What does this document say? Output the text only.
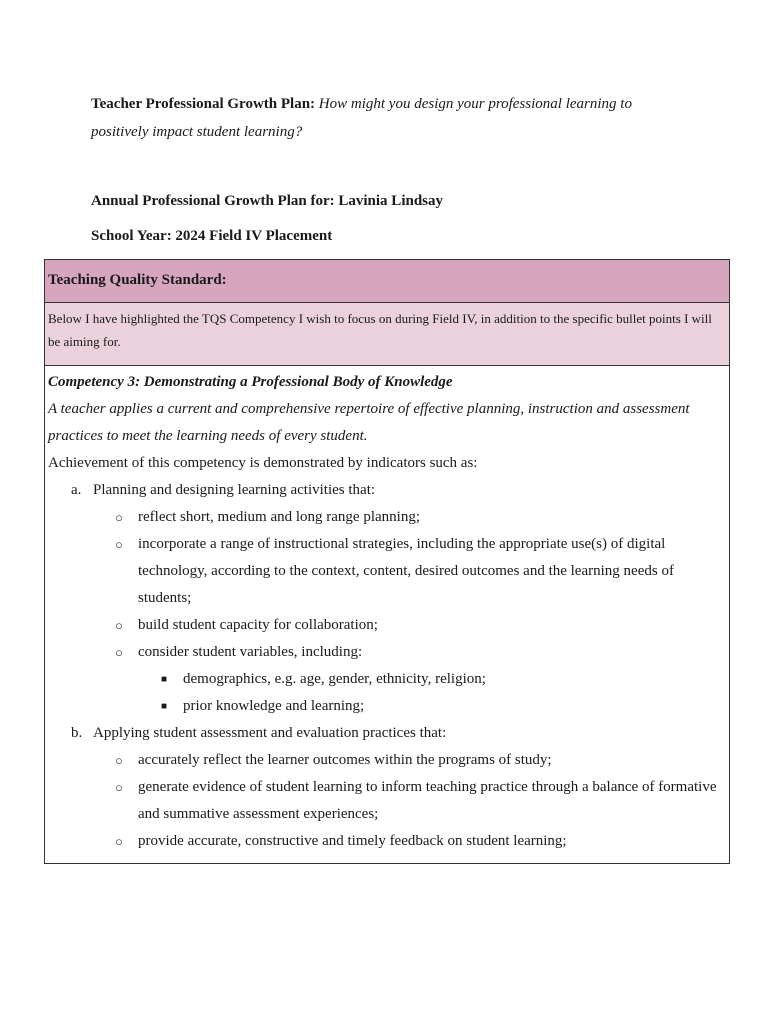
Teacher Professional Growth Plan: How might you design your professional learning to positively impact student learning?
Annual Professional Growth Plan for: Lavinia Lindsay
School Year: 2024 Field IV Placement
Teaching Quality Standard:
Below I have highlighted the TQS Competency I wish to focus on during Field IV, in addition to the specific bullet points I will be aiming for.
Competency 3: Demonstrating a Professional Body of Knowledge
A teacher applies a current and comprehensive repertoire of effective planning, instruction and assessment practices to meet the learning needs of every student.
Achievement of this competency is demonstrated by indicators such as:
a. Planning and designing learning activities that:
○ reflect short, medium and long range planning;
○ incorporate a range of instructional strategies, including the appropriate use(s) of digital technology, according to the context, content, desired outcomes and the learning needs of students;
○ build student capacity for collaboration;
○ consider student variables, including:
■ demographics, e.g. age, gender, ethnicity, religion;
■ prior knowledge and learning;
b. Applying student assessment and evaluation practices that:
○ accurately reflect the learner outcomes within the programs of study;
○ generate evidence of student learning to inform teaching practice through a balance of formative and summative assessment experiences;
○ provide accurate, constructive and timely feedback on student learning;
